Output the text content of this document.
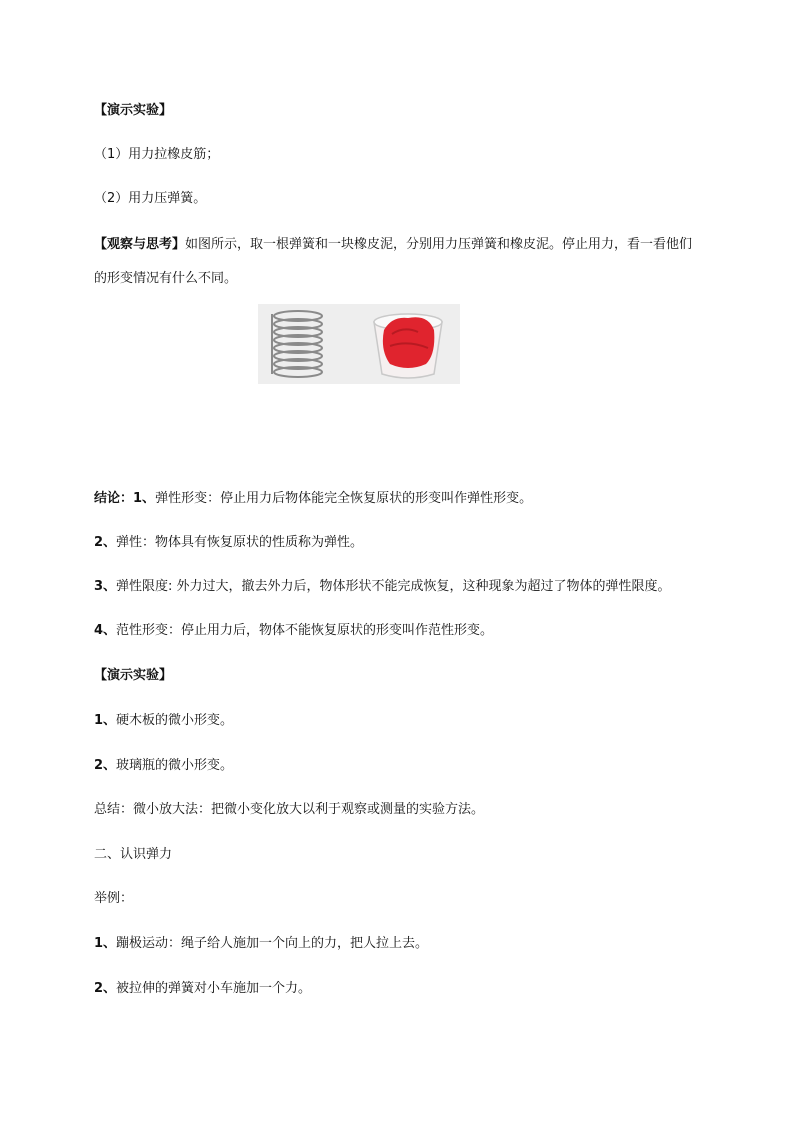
【演示实验】
（1）用力拉橡皮筋；
（2）用力压弹簧。
【观察与思考】如图所示，取一根弹簧和一块橡皮泥，分别用力压弹簧和橡皮泥。停止用力，看一看他们的形变情况有什么不同。
结论：1、弹性形变：停止用力后物体能完全恢复原状的形变叫作弹性形变。
2、弹性：物体具有恢复原状的性质称为弹性。
3、弹性限度: 外力过大，撤去外力后，物体形状不能完成恢复，这种现象为超过了物体的弹性限度。
4、范性形变：停止用力后，物体不能恢复原状的形变叫作范性形变。
【演示实验】
1、硬木板的微小形变。
2、玻璃瓶的微小形变。
总结：微小放大法：把微小变化放大以利于观察或测量的实验方法。
二、认识弹力
举例：
1、蹦极运动：绳子给人施加一个向上的力，把人拉上去。
2、被拉伸的弹簧对小车施加一个力。
